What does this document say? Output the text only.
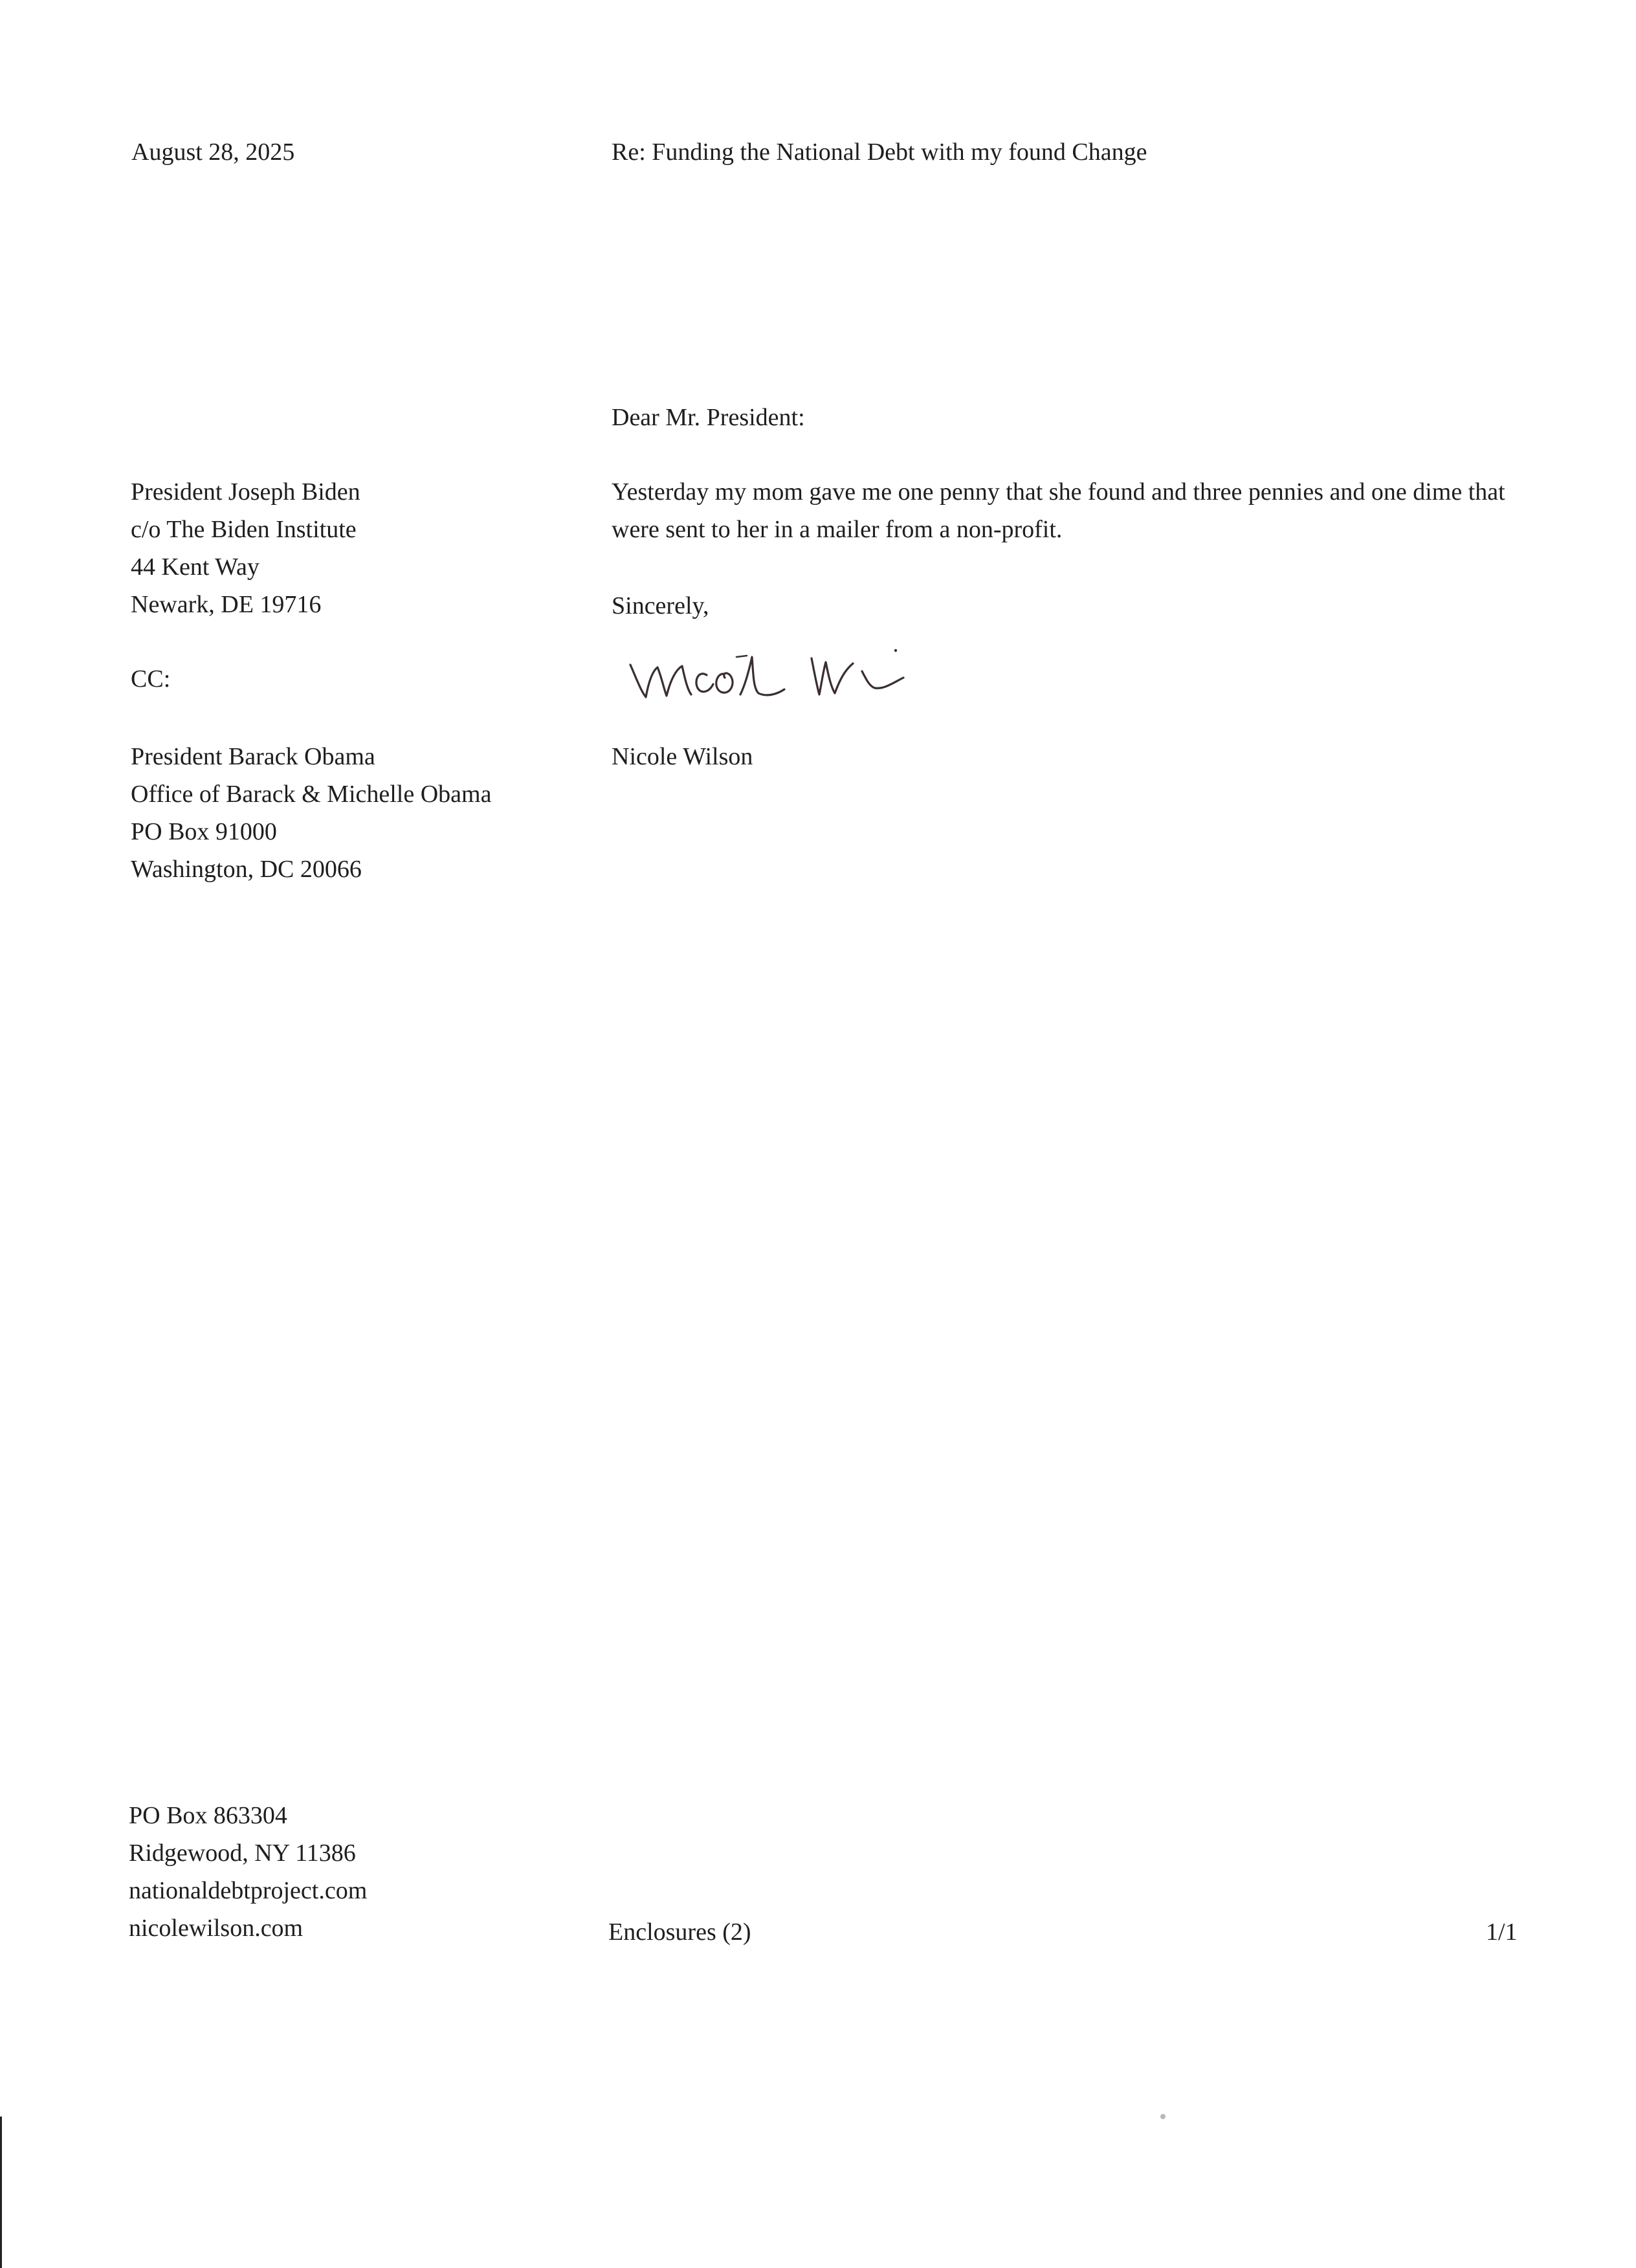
August 28, 2025	Re: Funding the National Debt with my found Change
Dear Mr. President:
President Joseph Biden
c/o The Biden Institute
44 Kent Way
Newark, DE 19716
Yesterday my mom gave me one penny that she found and three pennies and one dime that were sent to her in a mailer from a non-profit.
Sincerely,
CC:
Nicole Wilson
President Barack Obama
Office of Barack & Michelle Obama
PO Box 91000
Washington, DC 20066
PO Box 863304
Ridgewood, NY 11386
nationaldebtproject.com
nicolewilson.com	Enclosures (2)	1/1
